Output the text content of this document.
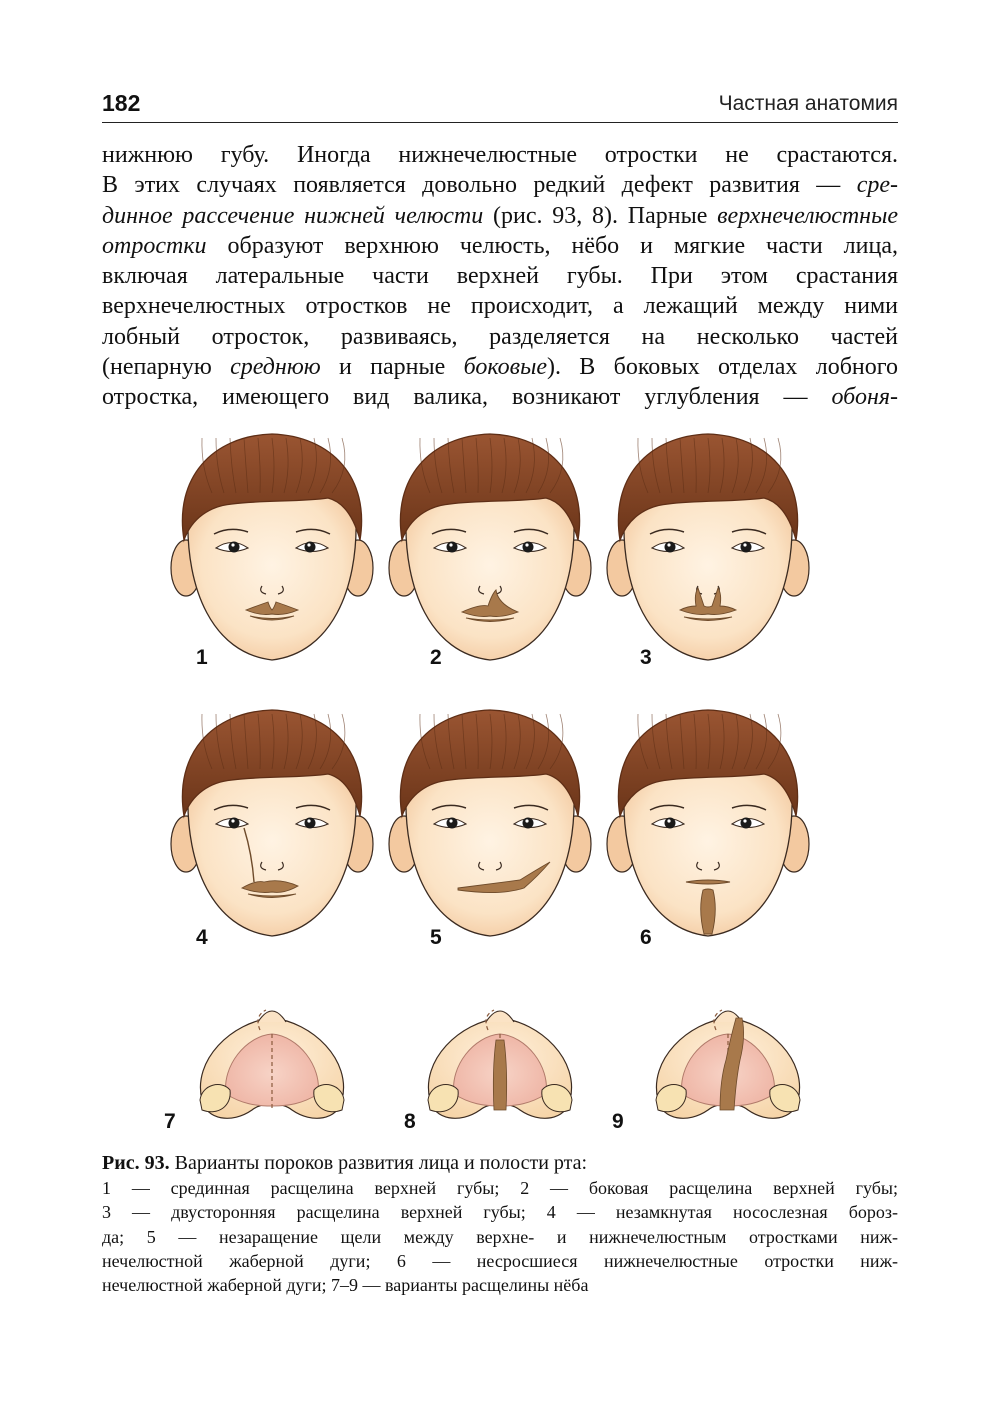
182	Частная анатомия
нижнюю губу. Иногда нижнечелюстные отростки не срастаются.
В этих случаях появляется довольно редкий дефект развития — сре-
динное рассечение нижней челюсти (рис. 93, 8). Парные верхнечелюстные
отростки образуют верхнюю челюсть, нёбо и мягкие части лица,
включая латеральные части верхней губы. При этом срастания
верхнечелюстных отростков не происходит, а лежащий между ними
лобный отросток, развиваясь, разделяется на несколько частей
(непарную среднюю и парные боковые). В боковых отделах лобного
отростка, имеющего вид валика, возникают углубления — обоня-
1	2	3
4	5	6
Рис. 93. Варианты пороков развития лица и полости рта:
1 — срединная расщелина верхней губы; 2 — боковая расщелина верхней губы;
3 — двусторонняя расщелина верхней губы; 4 — незамкнутая носослезная бороз-
да; 5 — незаращение щели между верхне- и нижнечелюстным отростками ниж-
нечелюстной жаберной дуги; 6 — несросшиеся нижнечелюстные отростки ниж-
нечелюстной жаберной дуги; 7–9 — варианты расщелины нёба
7	8	9
